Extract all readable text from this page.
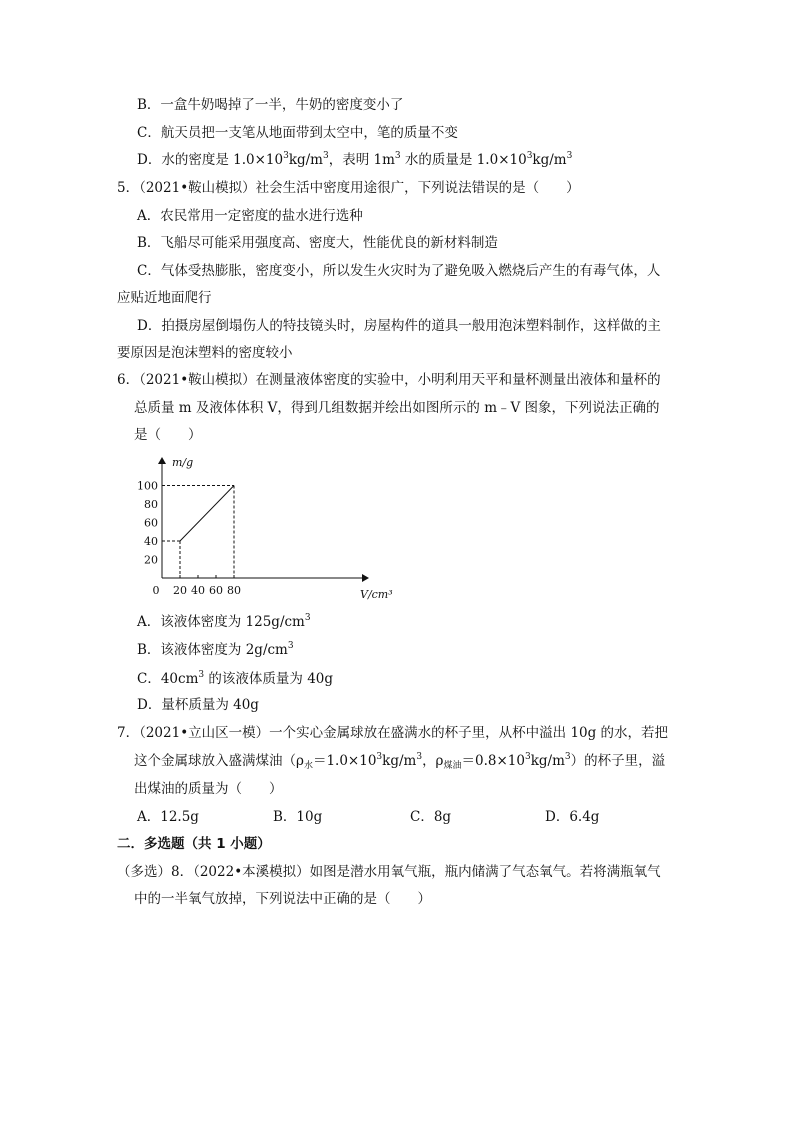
B．一盒牛奶喝掉了一半，牛奶的密度变小了
C．航天员把一支笔从地面带到太空中，笔的质量不变
D．水的密度是 $1.0\times 10^3kg/m^3$，表明 $1m^3$ 水的质量是 $1.0\times 10^3kg/m^3$
5．（2021•鞍山模拟）社会生活中密度用途很广，下列说法错误的是（　　）
A．农民常用一定密度的盐水进行选种
B．飞船尽可能采用强度高、密度大，性能优良的新材料制造
C．气体受热膨胀，密度变小，所以发生火灾时为了避免吸入燃烧后产生的有毒气体，人
应贴近地面爬行
D．拍摄房屋倒塌伤人的特技镜头时，房屋构件的道具一般用泡沫塑料制作，这样做的主
要原因是泡沫塑料的密度较小
6．（2021•鞍山模拟）在测量液体密度的实验中，小明利用天平和量杯测量出液体和量杯的
总质量 m 及液体体积 V，得到几组数据并绘出如图所示的 m﹣V 图象，下列说法正确的
是（　　）
m/g
V/cm³
20
40
60
80
100
0 20 40 60 80
A．该液体密度为 $125g/cm^3$
B．该液体密度为 $2g/cm^3$
C．$40cm^3$ 的该液体质量为 40g
D．量杯质量为 40g
7．（2021•立山区一模）一个实心金属球放在盛满水的杯子里，从杯中溢出 10g 的水，若把
这个金属球放入盛满煤油（$\rho_水=1.0\times 10^3kg/m^3$，$\rho_{煤油}=0.8\times 10^3kg/m^3$）的杯子里，溢
出煤油的质量为（　　）
A．12.5g	B．10g	C．8g	D．6.4g
二．多选题（共 1 小题）
（多选）8．（2022•本溪模拟）如图是潜水用氧气瓶，瓶内储满了气态氧气。若将满瓶氧气
中的一半氧气放掉，下列说法中正确的是（　　）
